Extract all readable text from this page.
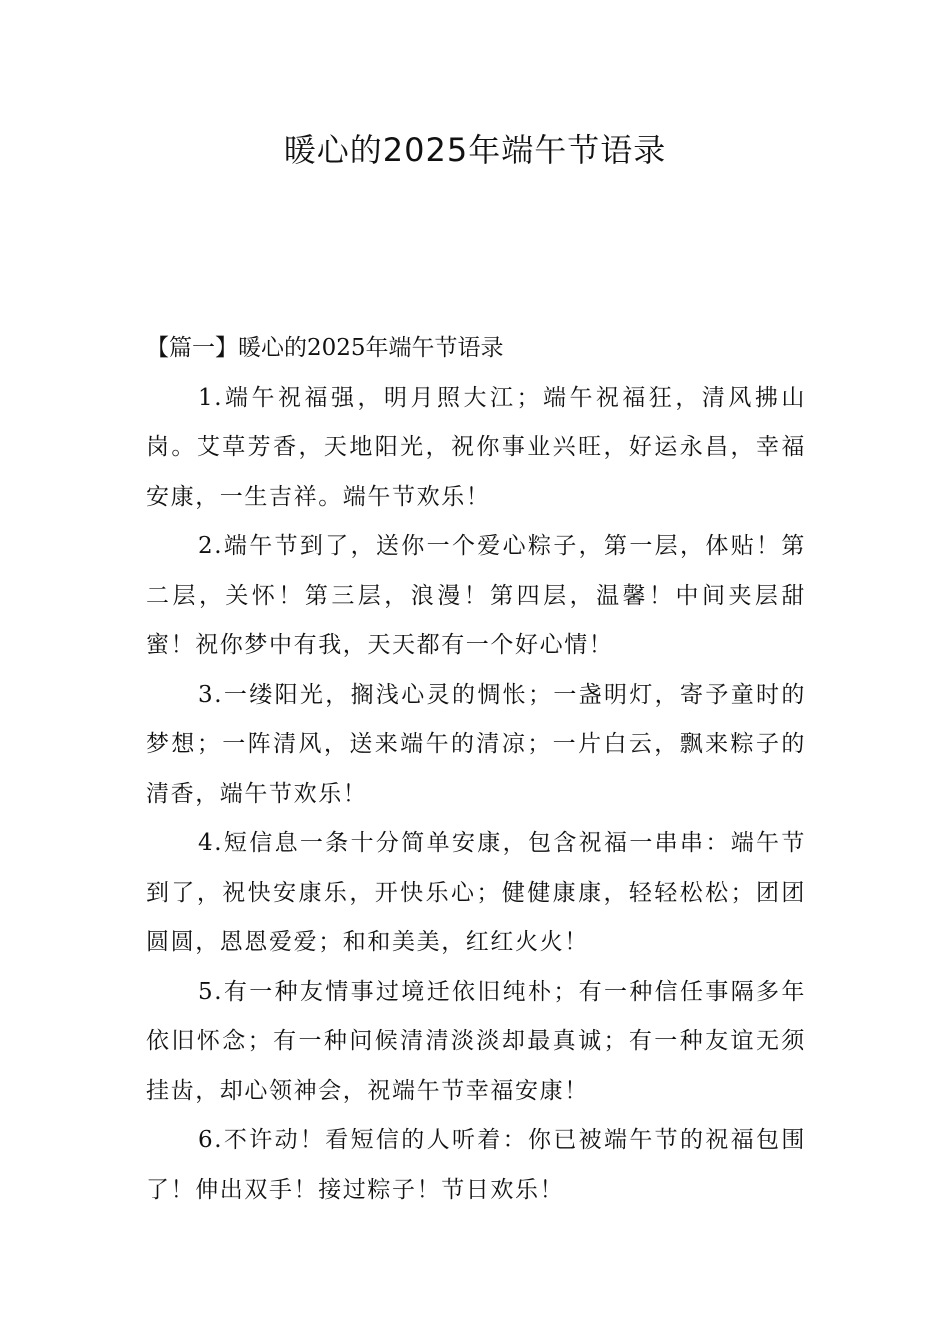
暖心的2025年端午节语录

【篇一】暖心的2025年端午节语录

1.端午祝福强，明月照大江；端午祝福狂，清风拂山岗。艾草芳香，天地阳光，祝你事业兴旺，好运永昌，幸福安康，一生吉祥。端午节欢乐！

2.端午节到了，送你一个爱心粽子，第一层，体贴！第二层，关怀！第三层，浪漫！第四层，温馨！中间夹层甜蜜！祝你梦中有我，天天都有一个好心情！

3.一缕阳光，搁浅心灵的惆怅；一盏明灯，寄予童时的梦想；一阵清风，送来端午的清凉；一片白云，飘来粽子的清香，端午节欢乐！

4.短信息一条十分简单安康，包含祝福一串串：端午节到了，祝快安康乐，开快乐心；健健康康，轻轻松松；团团圆圆，恩恩爱爱；和和美美，红红火火！

5.有一种友情事过境迁依旧纯朴；有一种信任事隔多年依旧怀念；有一种问候清清淡淡却最真诚；有一种友谊无须挂齿，却心领神会，祝端午节幸福安康！

6.不许动！看短信的人听着：你已被端午节的祝福包围了！伸出双手！接过粽子！节日欢乐！
